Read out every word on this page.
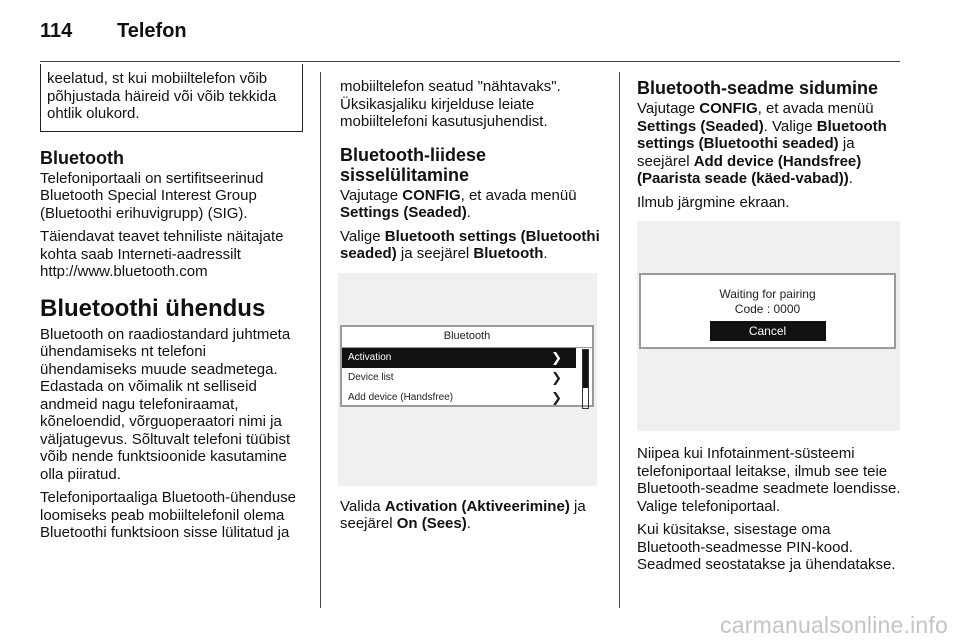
114 Telefon

keelatud, st kui mobiiltelefon võib põhjustada häireid või võib tekkida ohtlik olukord.

Bluetooth

Telefoniportaali on sertifitseerinud Bluetooth Special Interest Group (Bluetoothi erihuvigrupp) (SIG).

Täiendavat teavet tehniliste näitajate kohta saab Interneti-aadressilt http://www.bluetooth.com

Bluetoothi ühendus

Bluetooth on raadiostandard juhtmeta ühendamiseks nt telefoni ühendamiseks muude seadmetega. Edastada on võimalik nt selliseid andmeid nagu telefoniraamat, kõneloendid, võrguoperaatori nimi ja väljatugevus. Sõltuvalt telefoni tüübist võib nende funktsioonide kasutamine olla piiratud.

Telefoniportaaliga Bluetooth-ühenduse loomiseks peab mobiiltelefonil olema Bluetoothi funktsioon sisse lülitatud ja

mobiiltelefon seatud "nähtavaks". Üksikasjaliku kirjelduse leiate mobiiltelefoni kasutusjuhendist.

Bluetooth-liidese sisselülitamine

Vajutage CONFIG, et avada menüü Settings (Seaded).

Valige Bluetooth settings (Bluetoothi seaded) ja seejärel Bluetooth.

Bluetooth
Activation	❯
Device list	❯
Add device (Handsfree)	❯

Valida Activation (Aktiveerimine) ja seejärel On (Sees).

Bluetooth-seadme sidumine

Vajutage CONFIG, et avada menüü Settings (Seaded). Valige Bluetooth settings (Bluetoothi seaded) ja seejärel Add device (Handsfree) (Paarista seade (käed-vabad)).

Ilmub järgmine ekraan.

Waiting for pairing
Code : 0000
Cancel

Niipea kui Infotainment-süsteemi telefoniportaal leitakse, ilmub see teie Bluetooth-seadme seadmete loendisse. Valige telefoniportaal.

Kui küsitakse, sisestage oma Bluetooth-seadmesse PIN-kood. Seadmed seostatakse ja ühendatakse.

carmanualsonline.info
